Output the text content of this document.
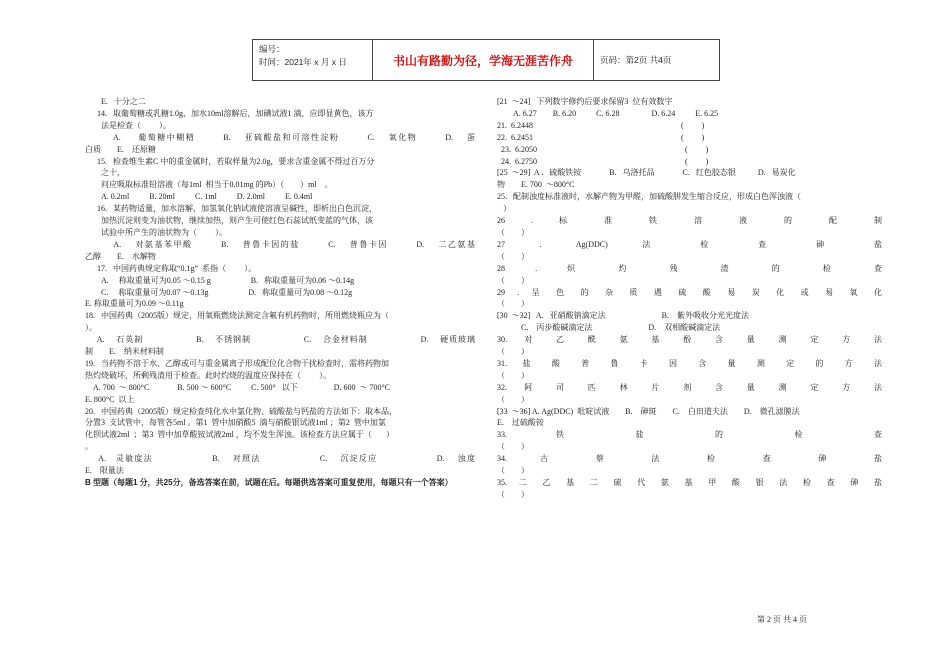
编号：
时间：2021年 x 月 x 日	书山有路勤为径，学海无涯苦作舟	页码：第2页 共4页

E.   十分之二

14.   取葡萄糖或乳糖1.0g，加水10ml溶解后，加碘试液1 滴，应即显黄色，该方

法是检查（         ）。

A.     葡萄糖中糊精        B.    亚硫酸盐和可溶性淀粉        C.    氧化物        D.    蛋

白质        E.    还原糖

15.   检查维生素C 中的重金属时，若取样量为2.0g，要求含重金属不得过百万分

之十，

问应吸取标准铅溶液（每1ml  相当于0.01mg 的Pb）（        ）ml    。

A. 0.2ml          B. 20ml          C. 1ml          D. 2.0ml          E. 0.4ml

16.   某药物适量，加水溶解，加氢氧化钠试液使溶液呈碱性，即析出白色沉淀，

加热沉淀则变为油状物，继续加热，则产生可使红色石蕊试纸变蓝的气体，该

试验中所产生的油状物为（         ）。

A.    对氨基苯甲酸        B.    普鲁卡因的盐        C.    普鲁卡因        D.    二乙氨基

乙醇        E.    水解物

17.   中国药典规定称取“0.1g”  系指（         ）。

A.     称取重量可为0.05 ～0.15 g                    B.   称取重量可为0.06 ～0.14g

C.     称取重量可为0.07 ～0.13g                    D.   称取重量可为0.08 ～0.12g

E. 称取重量可为0.09 ～0.11g

18.   中国药典（2005版）规定，用氧瓶燃烧法测定含氟有机药物时，所用燃烧瓶应为（

）。

A.    石英制                  B.    不锈钢制                  C.    合金材料制                  D.    硬质玻璃

制        E.    纳米材料制

19.   当药物不溶于水、乙醇或可与重金属离子形成配位化合物干扰检查时，需将药物加

热灼烧破坏，所剩残渣用于检查。此时灼烧的温度应保持在（         ）。

A. 700  ～ 800°C              B. 500 ～ 600°C          C. 500°   以下                  D. 600  ～ 700°C

E. 800°C  以上

20.   中国药典（2005版）规定检查纯化水中氯化物、硫酸盐与钙盐的方法如下：取本品，

分置3  支试管中，每管各5ml 。第1  管中加硝酸5  滴与硝酸银试液1ml ；第2  管中加氯

化钡试液2ml  ；第3  管中加草酸铵试液2ml ，均不发生浑浊。该检查方法应属于（       ）

。

A.   灵敏度法                  B.    对照法                  C.    沉淀反应                  D.    浊度

E.    限量法

B 型题（每题1 分，共25分，备选答案在前，试题在后。每题供选答案可重复使用，每题只有一个答案）

[21  ～24]   下列数字修约后要求保留3  位有效数字

A. 6.27        B. 6.20          C. 6.28                D. 6.24          E. 6.25

21.  6.2448                                                                          (         )

22.  6.2451                                                                          (         )

23.  6.2050                                                                          (         )

24.  6.2750                                                                          (         )

[25  ～29]  A ．硫酸铁铵              B.   乌洛托品              C.   红色胶态银           D.   易炭化

物        E. 700  ～800°C

25．配制浊度标准液时，水解产物为甲醛，加硫酸肼发生缩合反应，形成白色浑浊液（

）

26  .  标  准  铁  溶  液  的  配  制

（        ）

27  .  Ag(DDC)  法  检  查  砷  盐

（        ）

28  .  炽  灼  残  渣  的  检  查

（        ）

29  .  呈  色  的  杂  质  遇  硫  酸  易  炭  化  或  易  氧  化

（        ）

[30  ～32]   A.   亚硝酸钠滴定法                            B.    紫外吸收分光光度法

C.    丙步酸碱滴定法                            D.    双相酸碱滴定法

30.  对  乙  酰  氨  基  酚  含  量  测  定  方  法

（        ）

31.  盐  酸  普  鲁  卡  因  含  量  测  定  的  方  法

（        ）

32.  阿  司  匹  林  片  剂  含  量  测  定  方  法

（        ）

[33  ～36] A. Ag(DDC)  吡啶试液        B.    砷斑        C.    白田道夫法        D.    微孔滤膜法

E.    过硫酸铵

33.  铁  盐  的  检  查

（        ）

34.  古  蔡  法  检  查  砷  盐

（        ）

35.  二  乙  基  二  硫  代  氨  基  甲  酸  银  法  检  查  砷  盐

（        ）

第 2 页 共 4 页
